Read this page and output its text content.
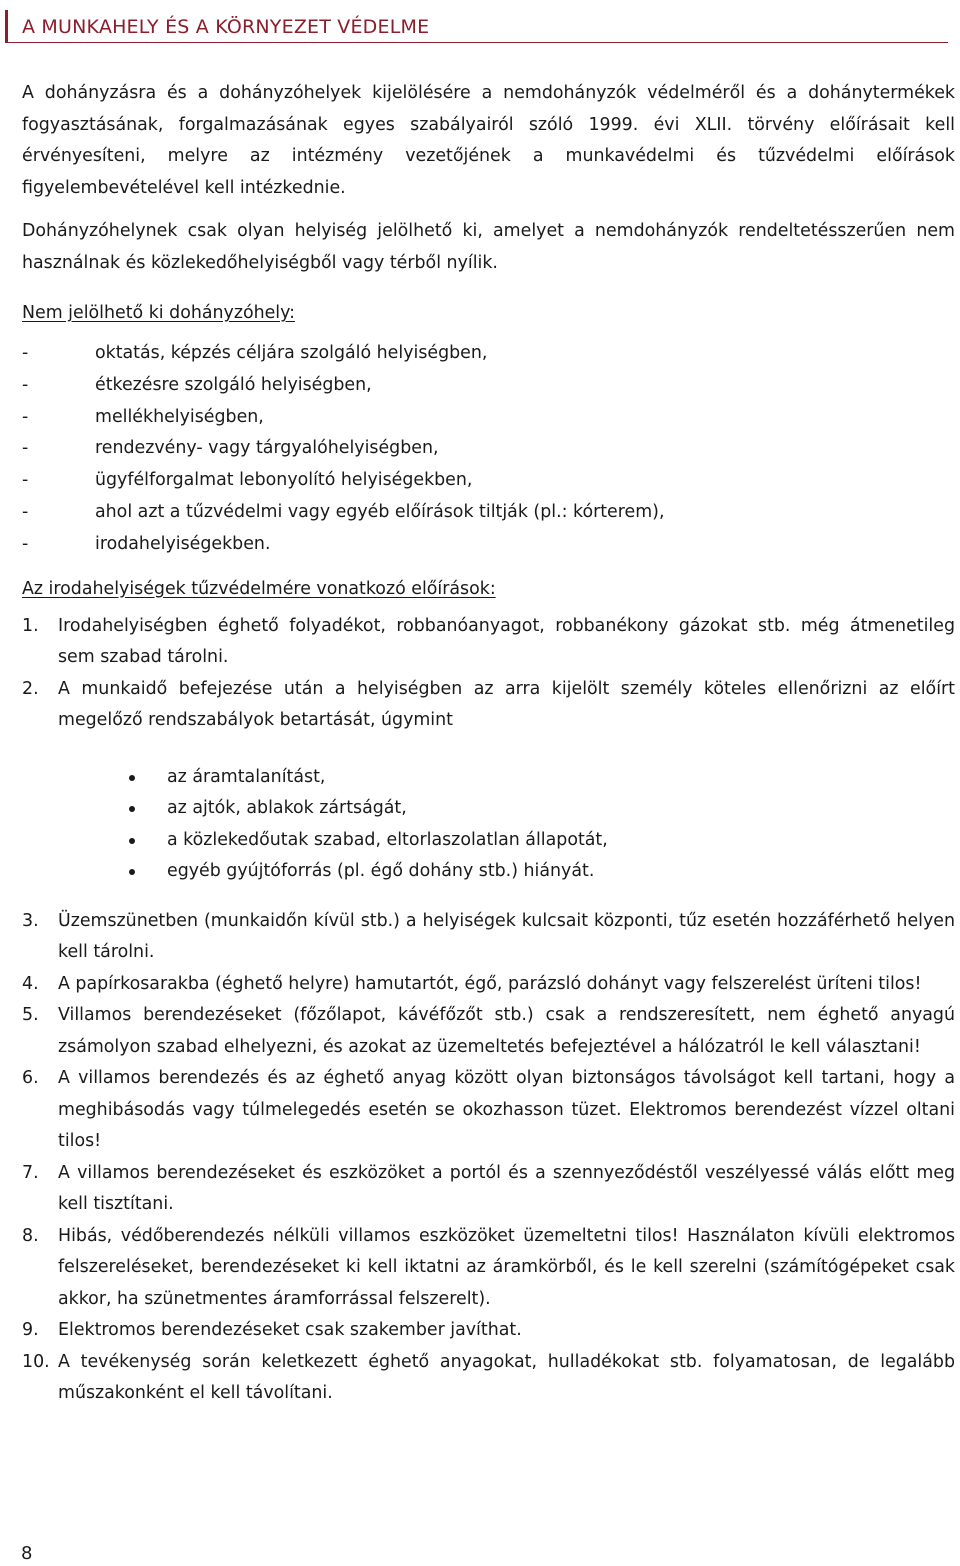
A MUNKAHELY ÉS A KÖRNYEZET VÉDELME

A dohányzásra és a dohányzóhelyek kijelölésére a nemdohányzók védelméről és a dohánytermékek fogyasztásának, forgalmazásának egyes szabályairól szóló 1999. évi XLII. törvény előírásait kell érvényesíteni, melyre az intézmény vezetőjének a munkavédelmi és tűzvédelmi előírások figyelembevételével kell intézkednie.

Dohányzóhelynek csak olyan helyiség jelölhető ki, amelyet a nemdohányzók rendeltetésszerűen nem használnak és közlekedőhelyiségből vagy térből nyílik.

Nem jelölhető ki dohányzóhely:

-	oktatás, képzés céljára szolgáló helyiségben,
-	étkezésre szolgáló helyiségben,
-	mellékhelyiségben,
-	rendezvény- vagy tárgyalóhelyiségben,
-	ügyfélforgalmat lebonyolító helyiségekben,
-	ahol azt a tűzvédelmi vagy egyéb előírások tiltják (pl.: kórterem),
-	irodahelyiségekben.

Az irodahelyiségek tűzvédelmére vonatkozó előírások:

1. Irodahelyiségben éghető folyadékot, robbanóanyagot, robbanékony gázokat stb. még átmenetileg sem szabad tárolni.
2. A munkaidő befejezése után a helyiségben az arra kijelölt személy köteles ellenőrizni az előírt megelőző rendszabályok betartását, úgymint
az áramtalanítást,
az ajtók, ablakok zártságát,
a közlekedőutak szabad, eltorlaszolatlan állapotát,
egyéb gyújtóforrás (pl. égő dohány stb.) hiányát.
3. Üzemszünetben (munkaidőn kívül stb.) a helyiségek kulcsait központi, tűz esetén hozzáférhető helyen kell tárolni.
4. A papírkosarakba (éghető helyre) hamutartót, égő, parázsló dohányt vagy felszerelést üríteni tilos!
5. Villamos berendezéseket (főzőlapot, kávéfőzőt stb.) csak a rendszeresített, nem éghető anyagú zsámolyon szabad elhelyezni, és azokat az üzemeltetés befejeztével a hálózatról le kell választani!
6. A villamos berendezés és az éghető anyag között olyan biztonságos távolságot kell tartani, hogy a meghibásodás vagy túlmelegedés esetén se okozhasson tüzet. Elektromos berendezést vízzel oltani tilos!
7. A villamos berendezéseket és eszközöket a portól és a szennyeződéstől veszélyessé válás előtt meg kell tisztítani.
8. Hibás, védőberendezés nélküli villamos eszközöket üzemeltetni tilos! Használaton kívüli elektromos felszereléseket, berendezéseket ki kell iktatni az áramkörből, és le kell szerelni (számítógépeket csak akkor, ha szünetmentes áramforrással felszerelt).
9. Elektromos berendezéseket csak szakember javíthat.
10. A tevékenység során keletkezett éghető anyagokat, hulladékokat stb. folyamatosan, de legalább műszakonként el kell távolítani.
8
